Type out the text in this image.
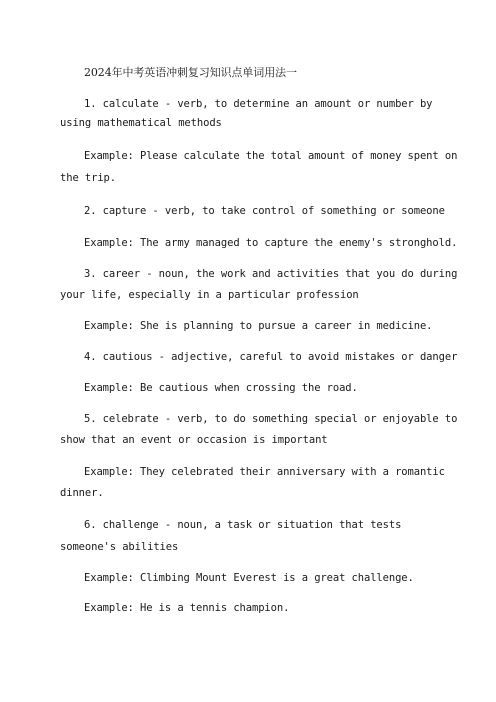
2024年中考英语冲刺复习知识点单词用法一
1. calculate - verb, to determine an amount or number by
using mathematical methods
Example: Please calculate the total amount of money spent on
the trip.
2. capture - verb, to take control of something or someone
Example: The army managed to capture the enemy's stronghold.
3. career - noun, the work and activities that you do during
your life, especially in a particular profession
Example: She is planning to pursue a career in medicine.
4. cautious - adjective, careful to avoid mistakes or danger
Example: Be cautious when crossing the road.
5. celebrate - verb, to do something special or enjoyable to
show that an event or occasion is important
Example: They celebrated their anniversary with a romantic
dinner.
6. challenge - noun, a task or situation that tests
someone's abilities
Example: Climbing Mount Everest is a great challenge.
Example: He is a tennis champion.
